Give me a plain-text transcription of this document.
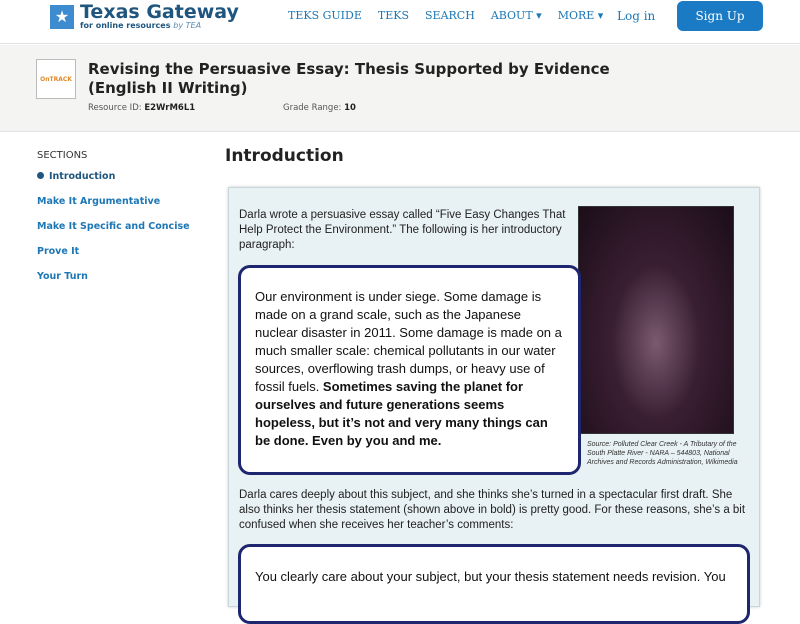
★ Texas Gateway
for online resources by TEA
TEKS GUIDE TEKS SEARCH ABOUT ▾ MORE ▾ Log in	Sign Up
OnTRACK
Revising the Persuasive Essay: Thesis Supported by Evidence (English II Writing)
Resource ID: E2WrM6L1	Grade Range: 10
SECTIONS
Introduction
Make It Argumentative
Make It Specific and Concise
Prove It
Your Turn
Introduction
Darla wrote a persuasive essay called “Five Easy Changes That Help Protect the Environment.” The following is her introductory paragraph:
Source: Polluted Clear Creek - A Tributary of the South Platte River - NARA – 544803, National Archives and Records Administration, Wikimedia
Our environment is under siege. Some damage is made on a grand scale, such as the Japanese nuclear disaster in 2011. Some damage is made on a much smaller scale: chemical pollutants in our water sources, overflowing trash dumps, or heavy use of fossil fuels. Sometimes saving the planet for ourselves and future generations seems hopeless, but it’s not and very many things can be done. Even by you and me.
Darla cares deeply about this subject, and she thinks she’s turned in a spectacular first draft. She also thinks her thesis statement (shown above in bold) is pretty good. For these reasons, she’s a bit confused when she receives her teacher’s comments:
You clearly care about your subject, but your thesis statement needs revision. You
